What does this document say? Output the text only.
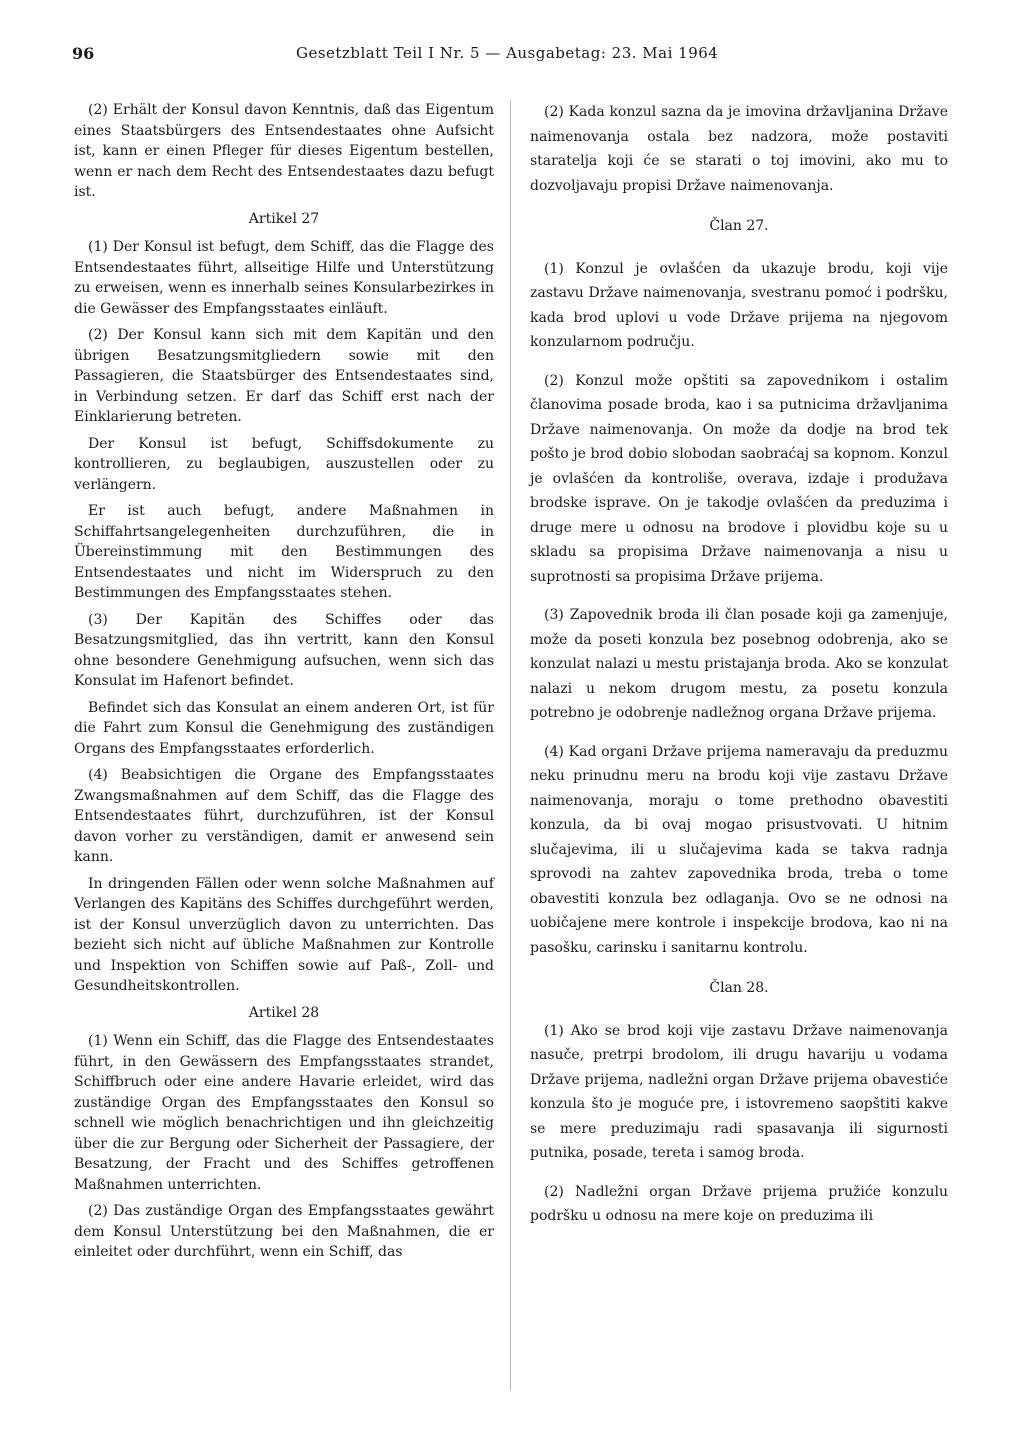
96	Gesetzblatt Teil I Nr. 5 — Ausgabetag: 23. Mai 1964

(2) Erhält der Konsul davon Kenntnis, daß das Eigentum eines Staatsbürgers des Entsendestaates ohne Aufsicht ist, kann er einen Pfleger für dieses Eigentum bestellen, wenn er nach dem Recht des Entsendestaates dazu befugt ist.

Artikel 27

(1) Der Konsul ist befugt, dem Schiff, das die Flagge des Entsendestaates führt, allseitige Hilfe und Unterstützung zu erweisen, wenn es innerhalb seines Konsularbezirkes in die Gewässer des Empfangsstaates einläuft.

(2) Der Konsul kann sich mit dem Kapitän und den übrigen Besatzungsmitgliedern sowie mit den Passagieren, die Staatsbürger des Entsendestaates sind, in Verbindung setzen. Er darf das Schiff erst nach der Einklarierung betreten.

Der Konsul ist befugt, Schiffsdokumente zu kontrollieren, zu beglaubigen, auszustellen oder zu verlängern.

Er ist auch befugt, andere Maßnahmen in Schiffahrtsangelegenheiten durchzuführen, die in Übereinstimmung mit den Bestimmungen des Entsendestaates und nicht im Widerspruch zu den Bestimmungen des Empfangsstaates stehen.

(3) Der Kapitän des Schiffes oder das Besatzungsmitglied, das ihn vertritt, kann den Konsul ohne besondere Genehmigung aufsuchen, wenn sich das Konsulat im Hafenort befindet.

Befindet sich das Konsulat an einem anderen Ort, ist für die Fahrt zum Konsul die Genehmigung des zuständigen Organs des Empfangsstaates erforderlich.

(4) Beabsichtigen die Organe des Empfangsstaates Zwangsmaßnahmen auf dem Schiff, das die Flagge des Entsendestaates führt, durchzuführen, ist der Konsul davon vorher zu verständigen, damit er anwesend sein kann.

In dringenden Fällen oder wenn solche Maßnahmen auf Verlangen des Kapitäns des Schiffes durchgeführt werden, ist der Konsul unverzüglich davon zu unterrichten. Das bezieht sich nicht auf übliche Maßnahmen zur Kontrolle und Inspektion von Schiffen sowie auf Paß-, Zoll- und Gesundheitskontrollen.

Artikel 28

(1) Wenn ein Schiff, das die Flagge des Entsendestaates führt, in den Gewässern des Empfangsstaates strandet, Schiffbruch oder eine andere Havarie erleidet, wird das zuständige Organ des Empfangsstaates den Konsul so schnell wie möglich benachrichtigen und ihn gleichzeitig über die zur Bergung oder Sicherheit der Passagiere, der Besatzung, der Fracht und des Schiffes getroffenen Maßnahmen unterrichten.

(2) Das zuständige Organ des Empfangsstaates gewährt dem Konsul Unterstützung bei den Maßnahmen, die er einleitet oder durchführt, wenn ein Schiff, das

(2) Kada konzul sazna da je imovina državljanina Države naimenovanja ostala bez nadzora, može postaviti staratelja koji će se starati o toj imovini, ako mu to dozvoljavaju propisi Države naimenovanja.

Član 27.

(1) Konzul je ovlašćen da ukazuje brodu, koji vije zastavu Države naimenovanja, svestranu pomoć i podršku, kada brod uplovi u vode Države prijema na njegovom konzularnom području.

(2) Konzul može opštiti sa zapovednikom i ostalim članovima posade broda, kao i sa putnicima državljanima Države naimenovanja. On može da dodje na brod tek pošto je brod dobio slobodan saobraćaj sa kopnom. Konzul je ovlašćen da kontroliše, overava, izdaje i produžava brodske isprave. On je takodje ovlašćen da preduzima i druge mere u odnosu na brodove i plovidbu koje su u skladu sa propisima Države naimenovanja a nisu u suprotnosti sa propisima Države prijema.

(3) Zapovednik broda ili član posade koji ga zamenjuje, može da poseti konzula bez posebnog odobrenja, ako se konzulat nalazi u mestu pristajanja broda. Ako se konzulat nalazi u nekom drugom mestu, za posetu konzula potrebno je odobrenje nadležnog organa Države prijema.

(4) Kad organi Države prijema nameravaju da preduzmu neku prinudnu meru na brodu koji vije zastavu Države naimenovanja, moraju o tome prethodno obavestiti konzula, da bi ovaj mogao prisustvovati. U hitnim slučajevima, ili u slučajevima kada se takva radnja sprovodi na zahtev zapovednika broda, treba o tome obavestiti konzula bez odlaganja. Ovo se ne odnosi na uobičajene mere kontrole i inspekcije brodova, kao ni na pasošku, carinsku i sanitarnu kontrolu.

Član 28.

(1) Ako se brod koji vije zastavu Države naimenovanja nasuče, pretrpi brodolom, ili drugu havariju u vodama Države prijema, nadležni organ Države prijema obavestiće konzula što je moguće pre, i istovremeno saopštiti kakve se mere preduzimaju radi spasavanja ili sigurnosti putnika, posade, tereta i samog broda.

(2) Nadležni organ Države prijema pružiće konzulu podršku u odnosu na mere koje on preduzima ili
